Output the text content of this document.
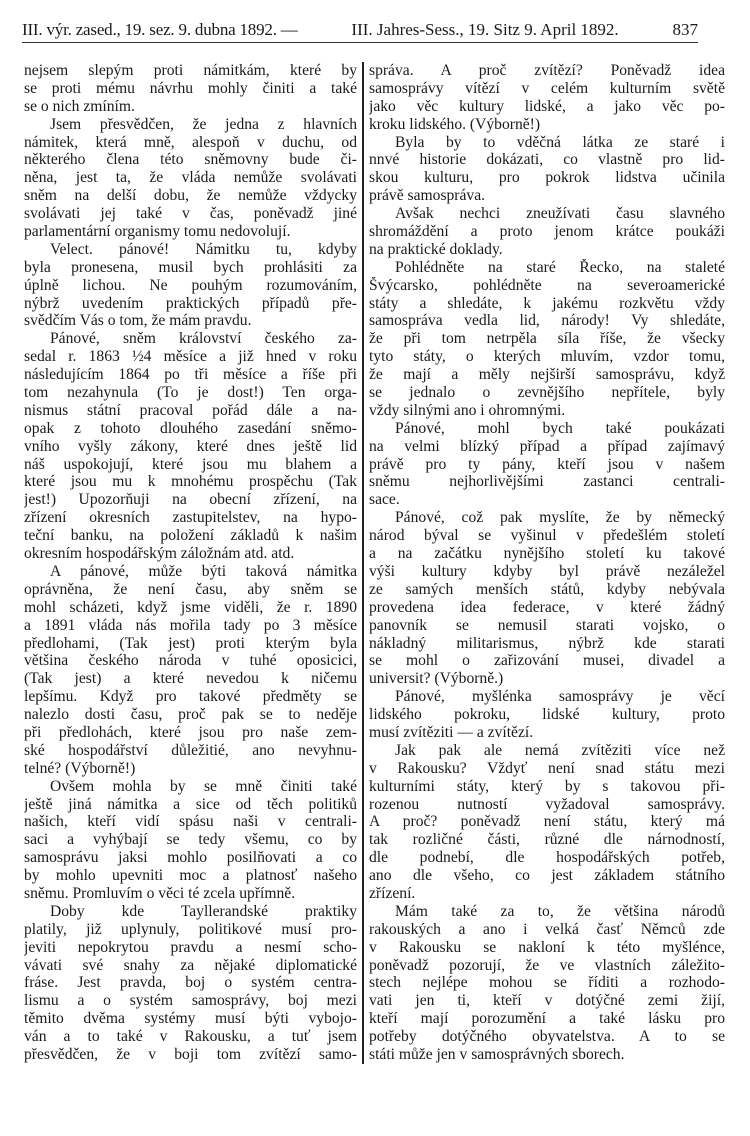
III. výr. zased., 19. sez. 9. dubna 1892. —	III. Jahres-Sess., 19. Sitz 9. April 1892.	837
nejsem slepým proti námitkám, které by
se proti mému návrhu mohly činiti a také
se o nich zmíním.
Jsem přesvědčen, že jedna z hlavních
námitek, která mně, alespoň v duchu, od
některého člena této sněmovny bude či-
něna, jest ta, že vláda nemůže svolávati
sněm na delší dobu, že nemůže vždycky
svolávati jej také v čas, poněvadž jiné
parlamentární organismy tomu nedovolují.
Velect. pánové! Námitku tu, kdyby
byla pronesena, musil bych prohlásiti za
úplně lichou. Ne pouhým rozumováním,
nýbrž uvedením praktických případů pře-
svědčím Vás o tom, že mám pravdu.
Pánové, sněm království českého za-
sedal r. 1863 ½4 měsíce a již hned v roku
následujícím 1864 po tři měsíce a říše při
tom nezahynula (To je dost!) Ten orga-
nismus státní pracoval pořád dále a na-
opak z tohoto dlouhého zasedání sněmo-
vního vyšly zákony, které dnes ještě lid
náš uspokojují, které jsou mu blahem a
které jsou mu k mnohému prospěchu (Tak
jest!) Upozorňuji na obecní zřízení, na
zřízení okresních zastupitelstev, na hypo-
teční banku, na položení základů k našim
okresním hospodářským záložnám atd. atd.
A pánové, může býti taková námitka
oprávněna, že není času, aby sněm se
mohl scházeti, když jsme viděli, že r. 1890
a 1891 vláda nás mořila tady po 3 měsíce
předlohami, (Tak jest) proti kterým byla
většina českého národa v tuhé oposicici,
(Tak jest) a které nevedou k ničemu
lepšímu. Když pro takové předměty se
nalezlo dosti času, proč pak se to neděje
při předlohách, které jsou pro naše zem-
ské hospodářství důležitié, ano nevyhnu-
telné? (Výborně!)
Ovšem mohla by se mně činiti také
ještě jiná námitka a sice od těch politiků
našich, kteří vidí spásu naši v centrali-
saci a vyhýbají se tedy všemu, co by
samosprávu jaksi mohlo posilňovati a co
by mohlo upevniti moc a platnosť našeho
sněmu. Promluvím o věci té zcela upřímně.
Doby kde Tayllerandské praktiky
platily, již uplynuly, politikové musí pro-
jeviti nepokrytou pravdu a nesmí scho-
vávati své snahy za nějaké diplomatické
fráse. Jest pravda, boj o systém centra-
lismu a o systém samosprávy, boj mezi
těmito dvěma systémy musí býti vybojo-
ván a to také v Rakousku, a tuť jsem
přesvědčen, že v boji tom zvítězí samo-
správa. A proč zvítězí? Poněvadž idea
samosprávy vítězí v celém kulturním světě
jako věc kultury lidské, a jako věc po-
kroku lidského. (Výborně!)
Byla by to vděčná látka ze staré i
nnvé historie dokázati, co vlastně pro lid-
skou kulturu, pro pokrok lidstva učinila
právě samospráva.
Avšak nechci zneužívati času slavného
shromáždění a proto jenom krátce poukáži
na praktické doklady.
Pohlédněte na staré Řecko, na staleté
Švýcarsko, pohlédněte na severoamerické
státy a shledáte, k jakému rozkvětu vždy
samospráva vedla lid, národy! Vy shledáte,
že při tom netrpěla síla říše, že všecky
tyto státy, o kterých mluvím, vzdor tomu,
že mají a měly nejširší samosprávu, když
se jednalo o zevnějšího nepřítele, byly
vždy silnými ano i ohromnými.
Pánové, mohl bych také poukázati
na velmi blízký případ a případ zajímavý
právě pro ty pány, kteří jsou v našem
sněmu nejhorlivějšími zastanci centrali-
sace.
Pánové, což pak myslíte, že by německý
národ býval se vyšinul v předešlém století
a na začátku nynějšího století ku takové
výši kultury kdyby byl právě nezáležel
ze samých menších států, kdyby nebývala
provedena idea federace, v které žádný
panovník se nemusil starati vojsko, o
nákladný militarismus, nýbrž kde starati
se mohl o zařizování musei, divadel a
universit? (Výborně.)
Pánové, myšlénka samosprávy je věcí
lidského pokroku, lidské kultury, proto
musí zvítěziti — a zvítězí.
Jak pak ale nemá zvítěziti více než
v Rakousku? Vždyť není snad státu mezi
kulturními státy, který by s takovou při-
rozenou nutností vyžadoval samosprávy.
A proč? poněvadž není státu, který má
tak rozličné části, různé dle nárnodností,
dle podnebí, dle hospodářských potřeb,
ano dle všeho, co jest základem státního
zřízení.
Mám také za to, že většina národů
rakouských a ano i velká časť Němců zde
v Rakousku se nakloní k této myšlénce,
poněvadž pozorují, že ve vlastních záležito-
stech nejlépe mohou se říditi a rozhodo-
vati jen ti, kteří v dotýčné zemi žijí,
kteří mají porozumění a také lásku pro
potřeby dotýčného obyvatelstva. A to se
státi může jen v samosprávných sborech.
